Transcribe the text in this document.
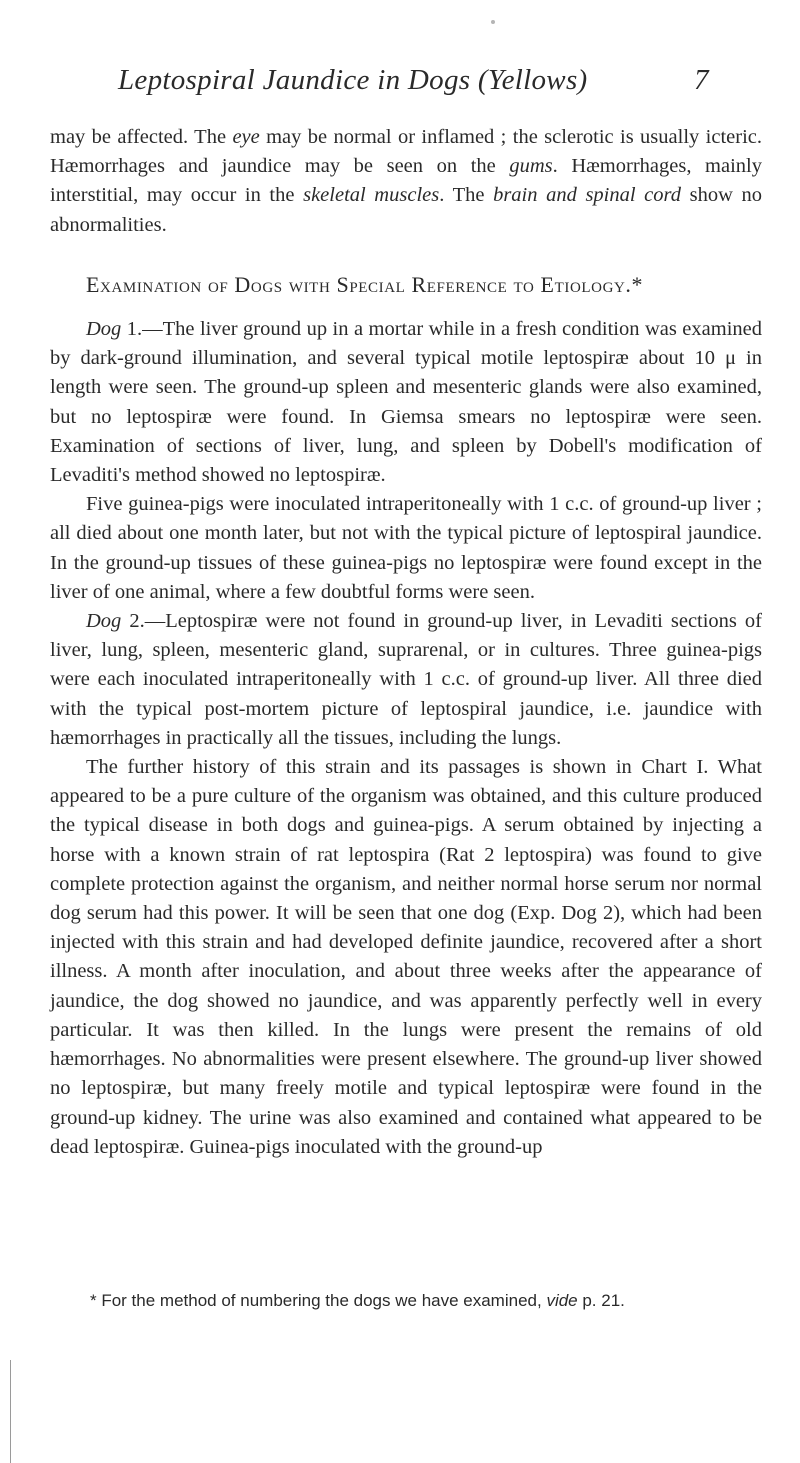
Leptospiral Jaundice in Dogs (Yellows)	7

may be affected. The eye may be normal or inflamed ; the sclerotic is usually icteric. Hæmorrhages and jaundice may be seen on the gums. Hæmorrhages, mainly interstitial, may occur in the skeletal muscles. The brain and spinal cord show no abnormalities.

Examination of Dogs with Special Reference to Etiology.*

Dog 1.—The liver ground up in a mortar while in a fresh condition was examined by dark-ground illumination, and several typical motile leptospiræ about 10 μ in length were seen. The ground-up spleen and mesenteric glands were also examined, but no leptospiræ were found. In Giemsa smears no leptospiræ were seen. Examination of sections of liver, lung, and spleen by Dobell's modification of Levaditi's method showed no leptospiræ.

Five guinea-pigs were inoculated intraperitoneally with 1 c.c. of ground-up liver ; all died about one month later, but not with the typical picture of leptospiral jaundice. In the ground-up tissues of these guinea-pigs no leptospiræ were found except in the liver of one animal, where a few doubtful forms were seen.

Dog 2.—Leptospiræ were not found in ground-up liver, in Levaditi sections of liver, lung, spleen, mesenteric gland, suprarenal, or in cultures. Three guinea-pigs were each inoculated intraperitoneally with 1 c.c. of ground-up liver. All three died with the typical post-mortem picture of leptospiral jaundice, i.e. jaundice with hæmorrhages in practically all the tissues, including the lungs.

The further history of this strain and its passages is shown in Chart I. What appeared to be a pure culture of the organism was obtained, and this culture produced the typical disease in both dogs and guinea-pigs. A serum obtained by injecting a horse with a known strain of rat leptospira (Rat 2 leptospira) was found to give complete protection against the organism, and neither normal horse serum nor normal dog serum had this power. It will be seen that one dog (Exp. Dog 2), which had been injected with this strain and had developed definite jaundice, recovered after a short illness. A month after inoculation, and about three weeks after the appearance of jaundice, the dog showed no jaundice, and was apparently perfectly well in every particular. It was then killed. In the lungs were present the remains of old hæmorrhages. No abnormalities were present elsewhere. The ground-up liver showed no leptospiræ, but many freely motile and typical leptospiræ were found in the ground-up kidney. The urine was also examined and contained what appeared to be dead leptospiræ. Guinea-pigs inoculated with the ground-up

* For the method of numbering the dogs we have examined, vide p. 21.
